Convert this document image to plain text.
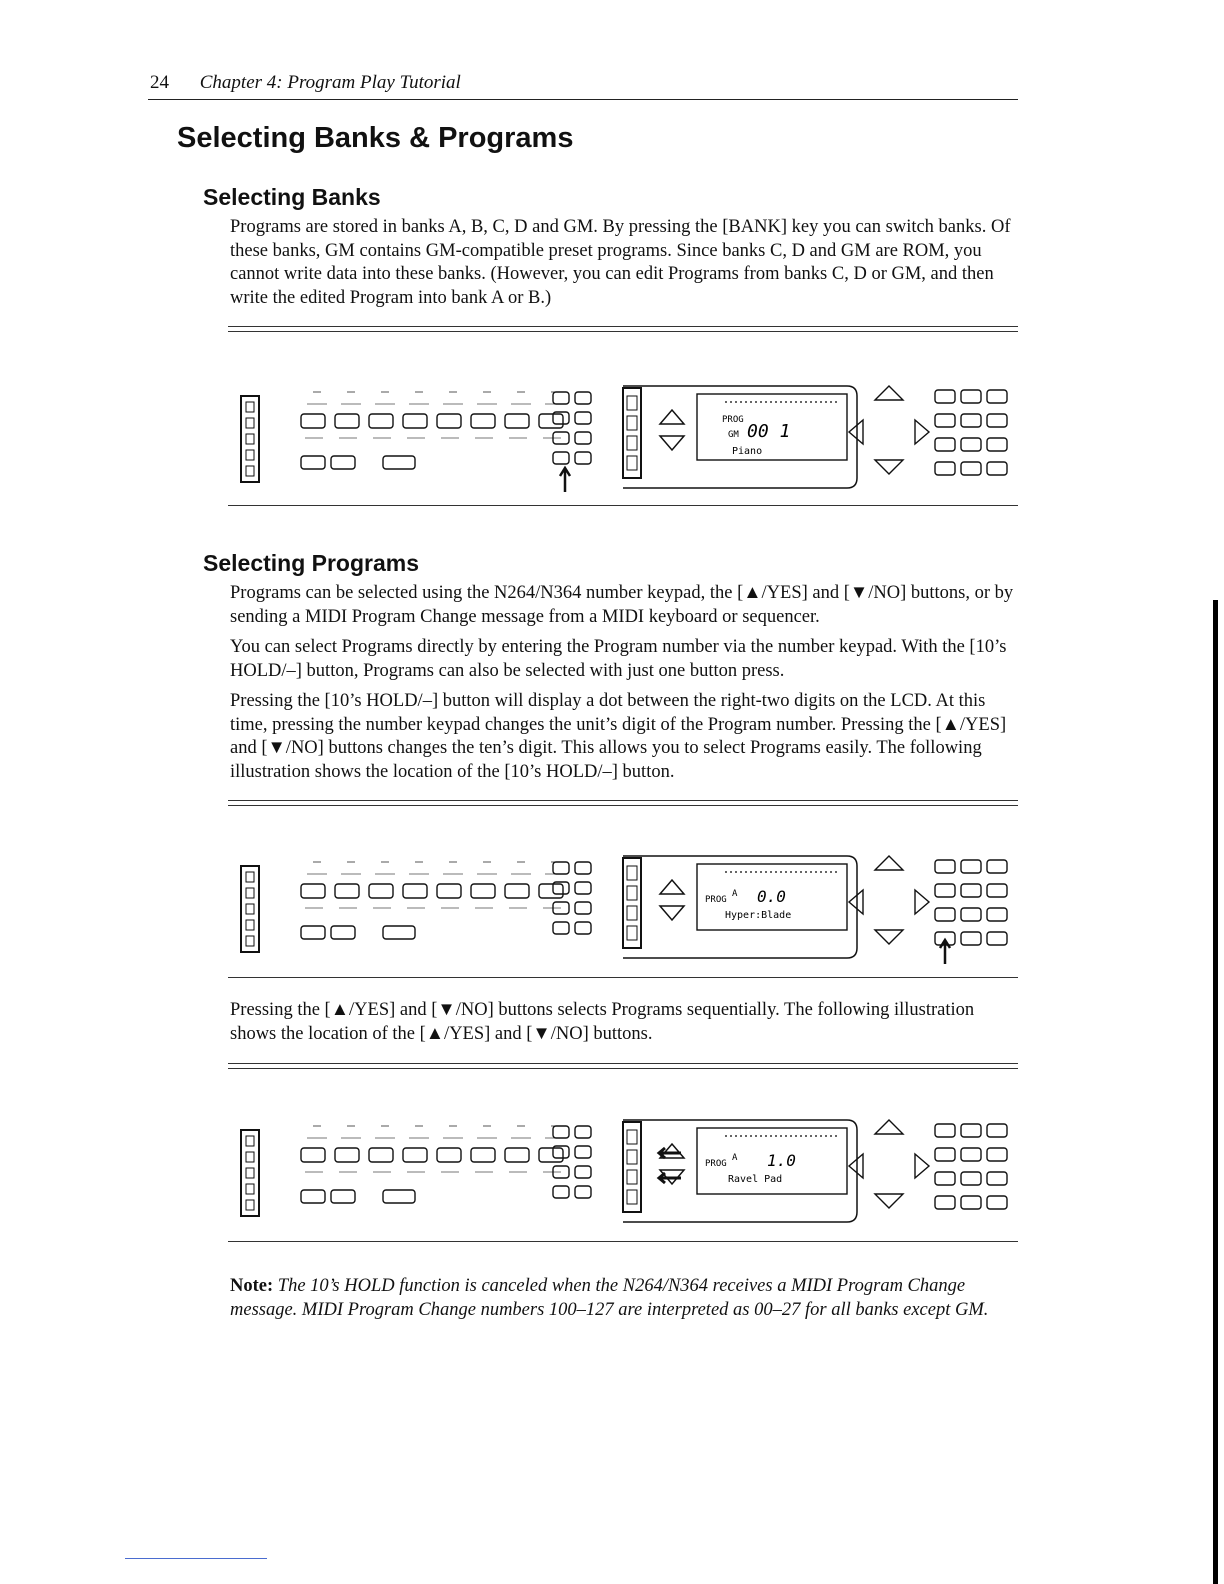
24 Chapter 4: Program Play Tutorial
Selecting Banks & Programs
Selecting Banks

Programs are stored in banks A, B, C, D and GM. By pressing the [BANK] key you can switch banks. Of these banks, GM contains GM-compatible preset programs. Since banks C, D and GM are ROM, you cannot write data into these banks. (However, you can edit Programs from banks C, D or GM, and then write the edited Program into bank A or B.)

PROG
GM 00 1
Piano
Selecting Programs

Programs can be selected using the N264/N364 number keypad, the [▲/YES] and [▼/NO] buttons, or by sending a MIDI Program Change message from a MIDI keyboard or sequencer.

You can select Programs directly by entering the Program number via the number keypad. With the [10’s HOLD/–] button, Programs can also be selected with just one button press.

Pressing the [10’s HOLD/–] button will display a dot between the right-two digits on the LCD. At this time, pressing the number keypad changes the unit’s digit of the Program number. Pressing the [▲/YES] and [▼/NO] buttons changes the ten’s digit. This allows you to select Programs easily. The following illustration shows the location of the [10’s HOLD/–] button.

PROG
A 0.0
Hyper:Blade

Pressing the [▲/YES] and [▼/NO] buttons selects Programs sequentially. The following illustration shows the location of the [▲/YES] and [▼/NO] buttons.

PROG
A 1.0
Ravel Pad
Note: The 10’s HOLD function is canceled when the N264/N364 receives a MIDI Program Change message. MIDI Program Change numbers 100–127 are interpreted as 00–27 for all banks except GM.
